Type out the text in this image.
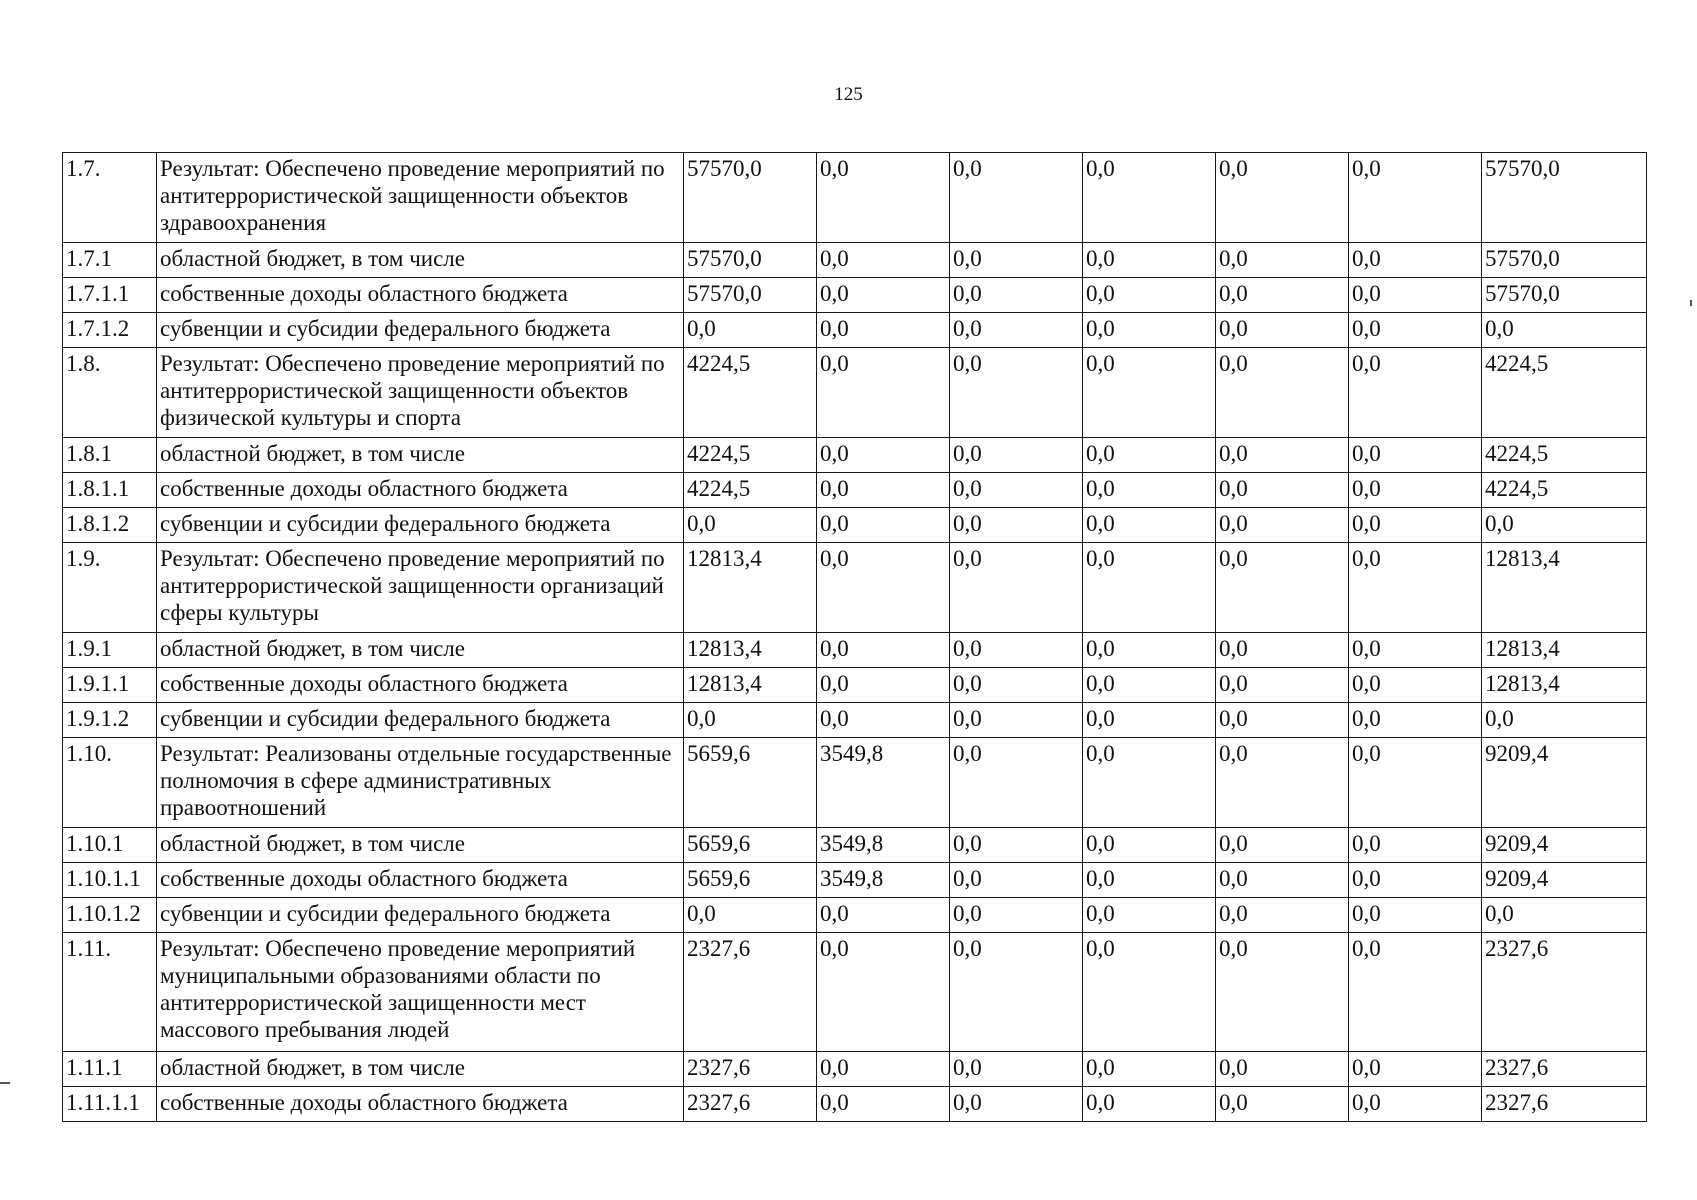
125
1.7.	Результат: Обеспечено проведение мероприятий по антитеррористической защищенности объектов здравоохранения	57570,0	0,0	0,0	0,0	0,0	0,0	57570,0
1.7.1	областной бюджет, в том числе	57570,0	0,0	0,0	0,0	0,0	0,0	57570,0
1.7.1.1	собственные доходы областного бюджета	57570,0	0,0	0,0	0,0	0,0	0,0	57570,0
1.7.1.2	субвенции и субсидии федерального бюджета	0,0	0,0	0,0	0,0	0,0	0,0	0,0
1.8.	Результат: Обеспечено проведение мероприятий по антитеррористической защищенности объектов физической культуры и спорта	4224,5	0,0	0,0	0,0	0,0	0,0	4224,5
1.8.1	областной бюджет, в том числе	4224,5	0,0	0,0	0,0	0,0	0,0	4224,5
1.8.1.1	собственные доходы областного бюджета	4224,5	0,0	0,0	0,0	0,0	0,0	4224,5
1.8.1.2	субвенции и субсидии федерального бюджета	0,0	0,0	0,0	0,0	0,0	0,0	0,0
1.9.	Результат: Обеспечено проведение мероприятий по антитеррористической защищенности организаций сферы культуры	12813,4	0,0	0,0	0,0	0,0	0,0	12813,4
1.9.1	областной бюджет, в том числе	12813,4	0,0	0,0	0,0	0,0	0,0	12813,4
1.9.1.1	собственные доходы областного бюджета	12813,4	0,0	0,0	0,0	0,0	0,0	12813,4
1.9.1.2	субвенции и субсидии федерального бюджета	0,0	0,0	0,0	0,0	0,0	0,0	0,0
1.10.	Результат: Реализованы отдельные государственные полномочия в сфере административных правоотношений	5659,6	3549,8	0,0	0,0	0,0	0,0	9209,4
1.10.1	областной бюджет, в том числе	5659,6	3549,8	0,0	0,0	0,0	0,0	9209,4
1.10.1.1	собственные доходы областного бюджета	5659,6	3549,8	0,0	0,0	0,0	0,0	9209,4
1.10.1.2	субвенции и субсидии федерального бюджета	0,0	0,0	0,0	0,0	0,0	0,0	0,0
1.11.	Результат: Обеспечено проведение мероприятий муниципальными образованиями области по антитеррористической защищенности мест массового пребывания людей	2327,6	0,0	0,0	0,0	0,0	0,0	2327,6
1.11.1	областной бюджет, в том числе	2327,6	0,0	0,0	0,0	0,0	0,0	2327,6
1.11.1.1	собственные доходы областного бюджета	2327,6	0,0	0,0	0,0	0,0	0,0	2327,6
